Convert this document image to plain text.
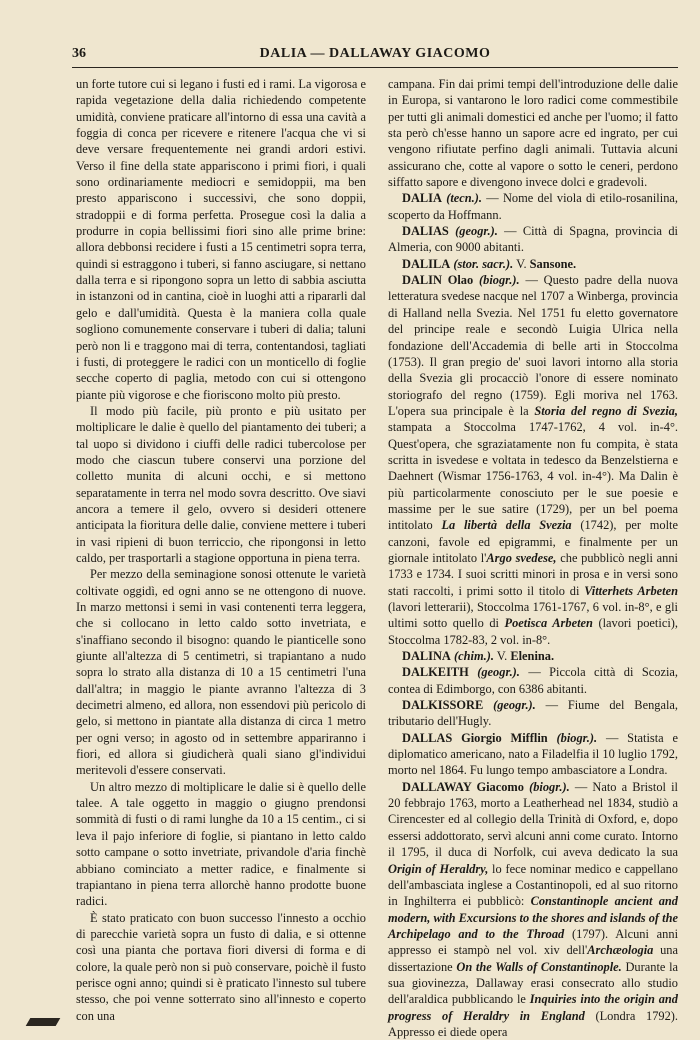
36	DALIA — DALLAWAY GIACOMO

un forte tutore cui si legano i fusti ed i rami. La vigorosa e rapida vegetazione della dalia richiedendo competente umidità, conviene praticare all'intorno di essa una cavità a foggia di conca per ricevere e ritenere l'acqua che vi si deve versare frequentemente nei grandi ardori estivi. Verso il fine della state appariscono i primi fiori, i quali sono ordinariamente mediocri e semidoppii, ma ben presto appariscono i successivi, che sono doppii, stradoppii e di forma perfetta. Prosegue così la dalia a produrre in copia bellissimi fiori sino alle prime brine: allora debbonsi recidere i fusti a 15 centimetri sopra terra, quindi si estraggono i tuberi, si fanno asciugare, si nettano dalla terra e si ripongono sopra un letto di sabbia asciutta in istanzoni od in cantina, cioè in luoghi atti a ripararli dal gelo e dall'umidità. Questa è la maniera colla quale sogliono comunemente conservare i tuberi di dalia; taluni però non li e traggono mai di terra, contentandosi, tagliati i fusti, di proteggere le radici con un monticello di foglie secche coperto di paglia, metodo con cui si ottengono piante più vigorose e che fioriscono molto più presto.

Il modo più facile, più pronto e più usitato per moltiplicare le dalie è quello del piantamento dei tuberi; a tal uopo si dividono i ciuffi delle radici tubercolose per modo che ciascun tubere conservi una porzione del colletto munita di alcuni occhi, e si mettono separatamente in terra nel modo sovra descritto. Ove siavi ancora a temere il gelo, ovvero si desideri ottenere anticipata la fioritura delle dalie, conviene mettere i tuberi in vasi ripieni di buon terriccio, che ripongonsi in letto caldo, per trasportarli a stagione opportuna in piena terra.

Per mezzo della seminagione sonosi ottenute le varietà coltivate oggidì, ed ogni anno se ne ottengono di nuove. In marzo mettonsi i semi in vasi contenenti terra leggera, che si collocano in letto caldo sotto invetriata, e s'inaffiano secondo il bisogno: quando le pianticelle sono giunte all'altezza di 5 centimetri, si trapiantano a nudo sopra lo strato alla distanza di 10 a 15 centimetri l'una dall'altra; in maggio le piante avranno l'altezza di 3 decimetri almeno, ed allora, non essendovi più pericolo di gelo, si mettono in piantate alla distanza di circa 1 metro per ogni verso; in agosto od in settembre appariranno i fiori, ed allora si giudicherà quali siano gl'individui meritevoli d'essere conservati.

Un altro mezzo di moltiplicare le dalie si è quello delle talee. A tale oggetto in maggio o giugno prendonsi sommità di fusti o di rami lunghe da 10 a 15 centim., ci si leva il pajo inferiore di foglie, si piantano in letto caldo sotto campane o sotto invetriate, privandole d'aria finchè abbiano cominciato a metter radice, e finalmente si trapiantano in piena terra allorchè hanno prodotte buone radici.

È stato praticato con buon successo l'innesto a occhio di parecchie varietà sopra un fusto di dalia, e si ottenne così una pianta che portava fiori diversi di forma e di colore, la quale però non si può conservare, poichè il fusto perisce ogni anno; quindi si è praticato l'innesto sul tubere stesso, che poi venne sotterrato sino all'innesto e coperto con una

campana. Fin dai primi tempi dell'introduzione delle dalie in Europa, si vantarono le loro radici come commestibile per tutti gli animali domestici ed anche per l'uomo; il fatto sta però ch'esse hanno un sapore acre ed ingrato, per cui vengono rifiutate perfino dagli animali. Tuttavia alcuni assicurano che, cotte al vapore o sotto le ceneri, perdono siffatto sapore e divengono invece dolci e gradevoli.

DALIA (tecn.). — Nome del viola di etilo-rosanilina, scoperto da Hoffmann.

DALIAS (geogr.). — Città di Spagna, provincia di Almeria, con 9000 abitanti.

DALILA (stor. sacr.). V. Sansone.

DALIN Olao (biogr.). — Questo padre della nuova letteratura svedese nacque nel 1707 a Winberga, provincia di Halland nella Svezia. Nel 1751 fu eletto governatore del principe reale e secondò Luigia Ulrica nella fondazione dell'Accademia di belle arti in Stoccolma (1753). Il gran pregio de' suoi lavori intorno alla storia della Svezia gli procacciò l'onore di essere nominato storiografo del regno (1759). Egli moriva nel 1763. L'opera sua principale è la Storia del regno di Svezia, stampata a Stoccolma 1747-1762, 4 vol. in-4°. Quest'opera, che sgraziatamente non fu compita, è stata scritta in isvedese e voltata in tedesco da Benzelstierna e Daehnert (Wismar 1756-1763, 4 vol. in-4°). Ma Dalin è più particolarmente conosciuto per le sue poesie e massime per le sue satire (1729), per un bel poema intitolato La libertà della Svezia (1742), per molte canzoni, favole ed epigrammi, e finalmente per un giornale intitolato l'Argo svedese, che pubblicò negli anni 1733 e 1734. I suoi scritti minori in prosa e in versi sono stati raccolti, i primi sotto il titolo di Vitterhets Arbeten (lavori letterarii), Stoccolma 1761-1767, 6 vol. in-8°, e gli ultimi sotto quello di Poetisca Arbeten (lavori poetici), Stoccolma 1782-83, 2 vol. in-8°.

DALINA (chim.). V. Elenina.

DALKEITH (geogr.). — Piccola città di Scozia, contea di Edimborgo, con 6386 abitanti.

DALKISSORE (geogr.). — Fiume del Bengala, tributario dell'Hugly.

DALLAS Giorgio Mifflin (biogr.). — Statista e diplomatico americano, nato a Filadelfia il 10 luglio 1792, morto nel 1864. Fu lungo tempo ambasciatore a Londra.

DALLAWAY Giacomo (biogr.). — Nato a Bristol il 20 febbrajo 1763, morto a Leatherhead nel 1834, studiò a Cirencester ed al collegio della Trinità di Oxford, e, dopo essersi addottorato, servì alcuni anni come curato. Intorno il 1795, il duca di Norfolk, cui aveva dedicato la sua Origin of Heraldry, lo fece nominar medico e cappellano dell'ambasciata inglese a Costantinopoli, ed al suo ritorno in Inghilterra ei pubblicò: Constantinople ancient and modern, with Excursions to the shores and islands of the Archipelago and to the Throad (1797). Alcuni anni appresso ei stampò nel vol. xiv dell'Archæologia una dissertazione On the Walls of Constantinople. Durante la sua giovinezza, Dallaway erasi consecrato allo studio dell'araldica pubblicando le Inquiries into the origin and progress of Heraldry in England (Londra 1792). Appresso ei diede opera
